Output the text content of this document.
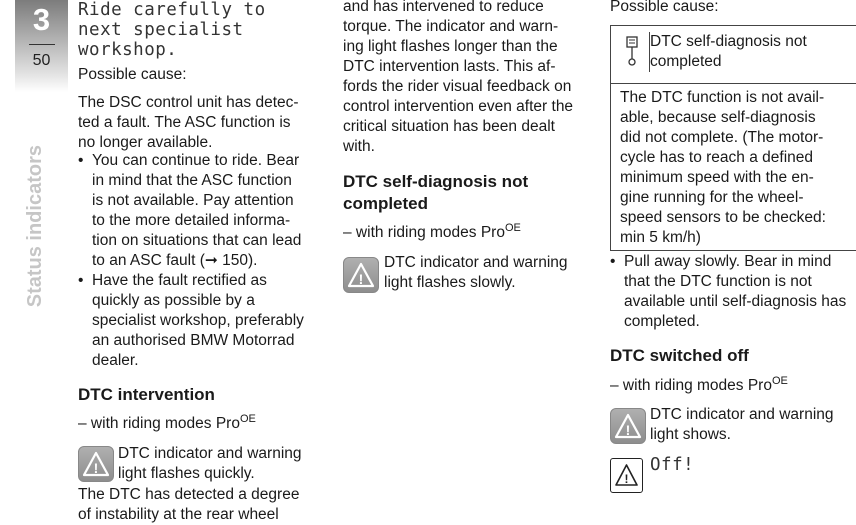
3
50
Status indicators
Ride carefully to
next specialist
workshop.
Possible cause:
The DSC control unit has detec-
ted a fault. The ASC function is
no longer available.
• You can continue to ride. Bear
in mind that the ASC function
is not available. Pay attention
to the more detailed informa-
tion on situations that can lead
to an ASC fault (➞ 150).
• Have the fault rectified as
quickly as possible by a
specialist workshop, preferably
an authorised BMW Motorrad
dealer.
DTC intervention
– with riding modes Pro$^{OE}$
!
DTC indicator and warning
light flashes quickly.
The DTC has detected a degree
of instability at the rear wheel
and has intervened to reduce
torque. The indicator and warn-
ing light flashes longer than the
DTC intervention lasts. This af-
fords the rider visual feedback on
control intervention even after the
critical situation has been dealt
with.
DTC self-diagnosis not
completed
– with riding modes Pro$^{OE}$
!
DTC indicator and warning
light flashes slowly.
Possible cause:
DTC self-diagnosis not
completed
The DTC function is not avail-
able, because self-diagnosis
did not complete. (The motor-
cycle has to reach a defined
minimum speed with the en-
gine running for the wheel-
speed sensors to be checked:
min 5 km/h)
• Pull away slowly. Bear in mind
that the DTC function is not
available until self-diagnosis has
completed.
DTC switched off
– with riding modes Pro$^{OE}$
!
DTC indicator and warning
light shows.
!
Off!
